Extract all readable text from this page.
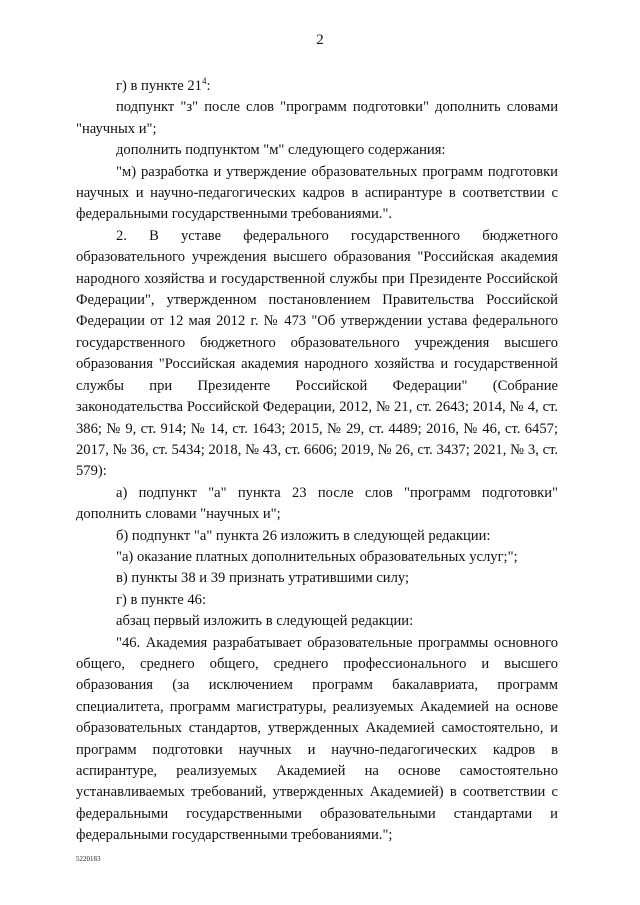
2

г) в пункте $21^4$:

подпункт "з" после слов "программ подготовки" дополнить словами "научных и";

дополнить подпунктом "м" следующего содержания:

"м) разработка и утверждение образовательных программ подготовки научных и научно-педагогических кадров в аспирантуре в соответствии с федеральными государственными требованиями.".

2. В уставе федерального государственного бюджетного образовательного учреждения высшего образования "Российская академия народного хозяйства и государственной службы при Президенте Российской Федерации", утвержденном постановлением Правительства Российской Федерации от 12 мая 2012 г. № 473 "Об утверждении устава федерального государственного бюджетного образовательного учреждения высшего образования "Российская академия народного хозяйства и государственной службы при Президенте Российской Федерации" (Собрание законодательства Российской Федерации, 2012, № 21, ст. 2643; 2014, № 4, ст. 386; № 9, ст. 914; № 14, ст. 1643; 2015, № 29, ст. 4489; 2016, № 46, ст. 6457; 2017, № 36, ст. 5434; 2018, № 43, ст. 6606; 2019, № 26, ст. 3437; 2021, № 3, ст. 579):

а) подпункт "а" пункта 23 после слов "программ подготовки" дополнить словами "научных и";

б) подпункт "а" пункта 26 изложить в следующей редакции:

"а) оказание платных дополнительных образовательных услуг;";

в) пункты 38 и 39 признать утратившими силу;

г) в пункте 46:

абзац первый изложить в следующей редакции:

"46. Академия разрабатывает образовательные программы основного общего, среднего общего, среднего профессионального и высшего образования (за исключением программ бакалавриата, программ специалитета, программ магистратуры, реализуемых Академией на основе образовательных стандартов, утвержденных Академией самостоятельно, и программ подготовки научных и научно-педагогических кадров в аспирантуре, реализуемых Академией на основе самостоятельно устанавливаемых требований, утвержденных Академией) в соответствии с федеральными государственными образовательными стандартами и федеральными государственными требованиями.";

5220183
